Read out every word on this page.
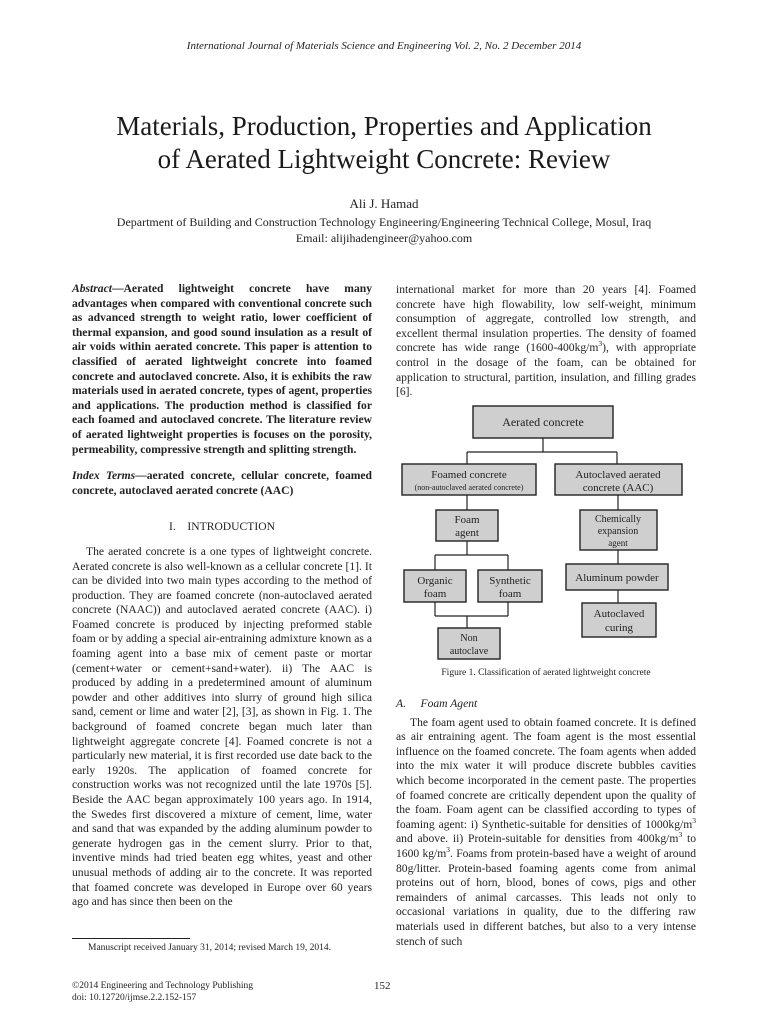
International Journal of Materials Science and Engineering Vol. 2, No. 2 December 2014
Materials, Production, Properties and Application
of Aerated Lightweight Concrete: Review
Ali J. Hamad
Department of Building and Construction Technology Engineering/Engineering Technical College, Mosul, Iraq
Email: alijihadengineer@yahoo.com

Abstract—Aerated lightweight concrete have many advantages when compared with conventional concrete such as advanced strength to weight ratio, lower coefficient of thermal expansion, and good sound insulation as a result of air voids within aerated concrete. This paper is attention to classified of aerated lightweight concrete into foamed concrete and autoclaved concrete. Also, it is exhibits the raw materials used in aerated concrete, types of agent, properties and applications. The production method is classified for each foamed and autoclaved concrete. The literature review of aerated lightweight properties is focuses on the porosity, permeability, compressive strength and splitting strength.

Index Terms—aerated concrete, cellular concrete, foamed concrete, autoclaved aerated concrete (AAC)

I. INTRODUCTION

The aerated concrete is a one types of lightweight concrete. Aerated concrete is also well-known as a cellular concrete [1]. It can be divided into two main types according to the method of production. They are foamed concrete (non-autoclaved aerated concrete (NAAC)) and autoclaved aerated concrete (AAC). i) Foamed concrete is produced by injecting preformed stable foam or by adding a special air-entraining admixture known as a foaming agent into a base mix of cement paste or mortar (cement+water or cement+sand+water). ii) The AAC is produced by adding in a predetermined amount of aluminum powder and other additives into slurry of ground high silica sand, cement or lime and water [2], [3], as shown in Fig. 1. The background of foamed concrete began much later than lightweight aggregate concrete [4]. Foamed concrete is not a particularly new material, it is first recorded use date back to the early 1920s. The application of foamed concrete for construction works was not recognized until the late 1970s [5]. Beside the AAC began approximately 100 years ago. In 1914, the Swedes first discovered a mixture of cement, lime, water and sand that was expanded by the adding aluminum powder to generate hydrogen gas in the cement slurry. Prior to that, inventive minds had tried beaten egg whites, yeast and other unusual methods of adding air to the concrete. It was reported that foamed concrete was developed in Europe over 60 years ago and has since then been on the

international market for more than 20 years [4]. Foamed concrete have high flowability, low self-weight, minimum consumption of aggregate, controlled low strength, and excellent thermal insulation properties. The density of foamed concrete has wide range $(1600-400kg/m^3)$, with appropriate control in the dosage of the foam, can be obtained for application to structural, partition, insulation, and filling grades [6].

Aerated concrete
Foamed concrete
(non-autoclaved aerated concrete)
Autoclaved aerated
concrete (AAC)
Foam
agent
Chemically
expansion
agent
Organic
foam
Synthetic
foam
Aluminum powder
Autoclaved
curing
Non
autoclave
Figure 1. Classification of aerated lightweight concrete

A. Foam Agent

The foam agent used to obtain foamed concrete. It is defined as air entraining agent. The foam agent is the most essential influence on the foamed concrete. The foam agents when added into the mix water it will produce discrete bubbles cavities which become incorporated in the cement paste. The properties of foamed concrete are critically dependent upon the quality of the foam. Foam agent can be classified according to types of foaming agent: i) Synthetic-suitable for densities of $1000kg/m^3$ and above. ii) Protein-suitable for densities from $400kg/m^3$ to 1600 $kg/m^3$. Foams from protein-based have a weight of around 80g/litter. Protein-based foaming agents come from animal proteins out of horn, blood, bones of cows, pigs and other remainders of animal carcasses. This leads not only to occasional variations in quality, due to the differing raw materials used in different batches, but also to a very intense stench of such

Manuscript received January 31, 2014; revised March 19, 2014.
©2014 Engineering and Technology Publishing
doi: 10.12720/ijmse.2.2.152-157
152
